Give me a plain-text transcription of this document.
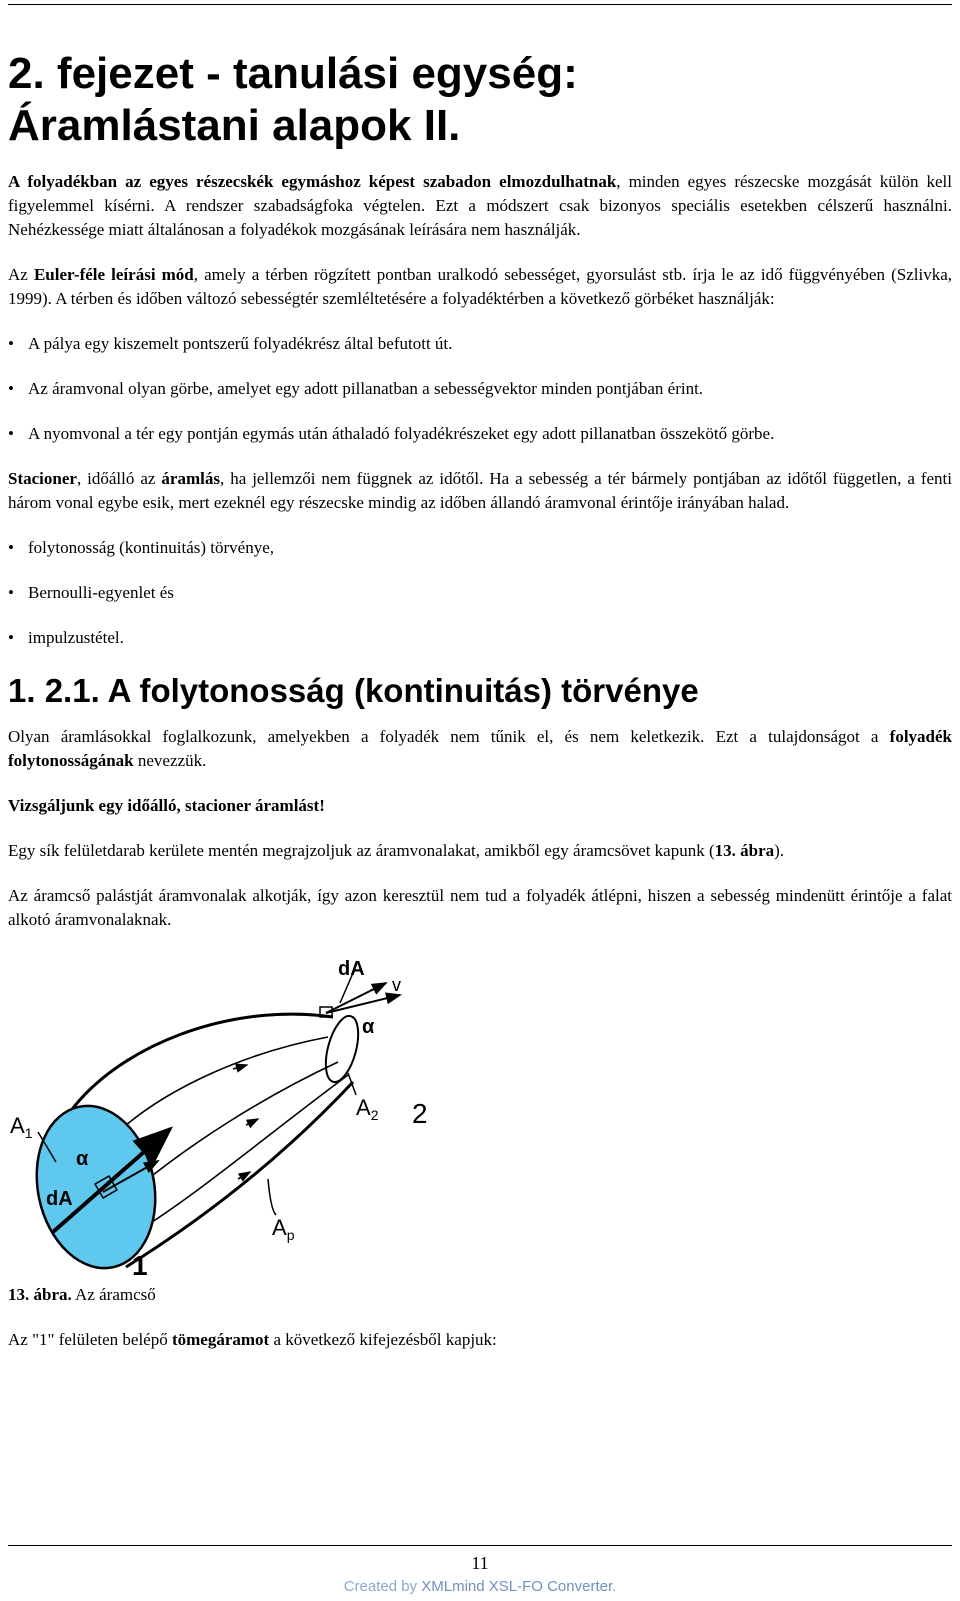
2. fejezet - tanulási egység:
Áramlástani alapok II.

A folyadékban az egyes részecskék egymáshoz képest szabadon elmozdulhatnak, minden egyes részecske mozgását külön kell figyelemmel kísérni. A rendszer szabadságfoka végtelen. Ezt a módszert csak bizonyos speciális esetekben célszerű használni. Nehézkessége miatt általánosan a folyadékok mozgásának leírására nem használják.

Az Euler-féle leírási mód, amely a térben rögzített pontban uralkodó sebességet, gyorsulást stb. írja le az idő függvényében (Szlivka, 1999). A térben és időben változó sebességtér szemléltetésére a folyadéktérben a következő görbéket használják:

• A pálya egy kiszemelt pontszerű folyadékrész által befutott út.
• Az áramvonal olyan görbe, amelyet egy adott pillanatban a sebességvektor minden pontjában érint.
• A nyomvonal a tér egy pontján egymás után áthaladó folyadékrészeket egy adott pillanatban összekötő görbe.

Stacioner, időálló az áramlás, ha jellemzői nem függnek az időtől. Ha a sebesség a tér bármely pontjában az időtől független, a fenti három vonal egybe esik, mert ezeknél egy részecske mindig az időben állandó áramvonal érintője irányában halad.

• folytonosság (kontinuitás) törvénye,
• Bernoulli-egyenlet és
• impulzustétel.
1. 2.1. A folytonosság (kontinuitás) törvénye

Olyan áramlásokkal foglalkozunk, amelyekben a folyadék nem tűnik el, és nem keletkezik. Ezt a tulajdonságot a folyadék folytonosságának nevezzük.

Vizsgáljunk egy időálló, stacioner áramlást!

Egy sík felületdarab kerülete mentén megrajzoljuk az áramvonalakat, amikből egy áramcsövet kapunk (13. ábra).

Az áramcső palástját áramvonalak alkotják, így azon keresztül nem tud a folyadék átlépni, hiszen a sebesség mindenütt érintője a falat alkotó áramvonalaknak.

$A_1$
α
v
dA
dA
v
α
$A_2$ 2
$A_p$
1

13. ábra. Az áramcső

Az "1" felületen belépő tömegáramot a következő kifejezésből kapjuk:

11
Created by XMLmind XSL-FO Converter.
